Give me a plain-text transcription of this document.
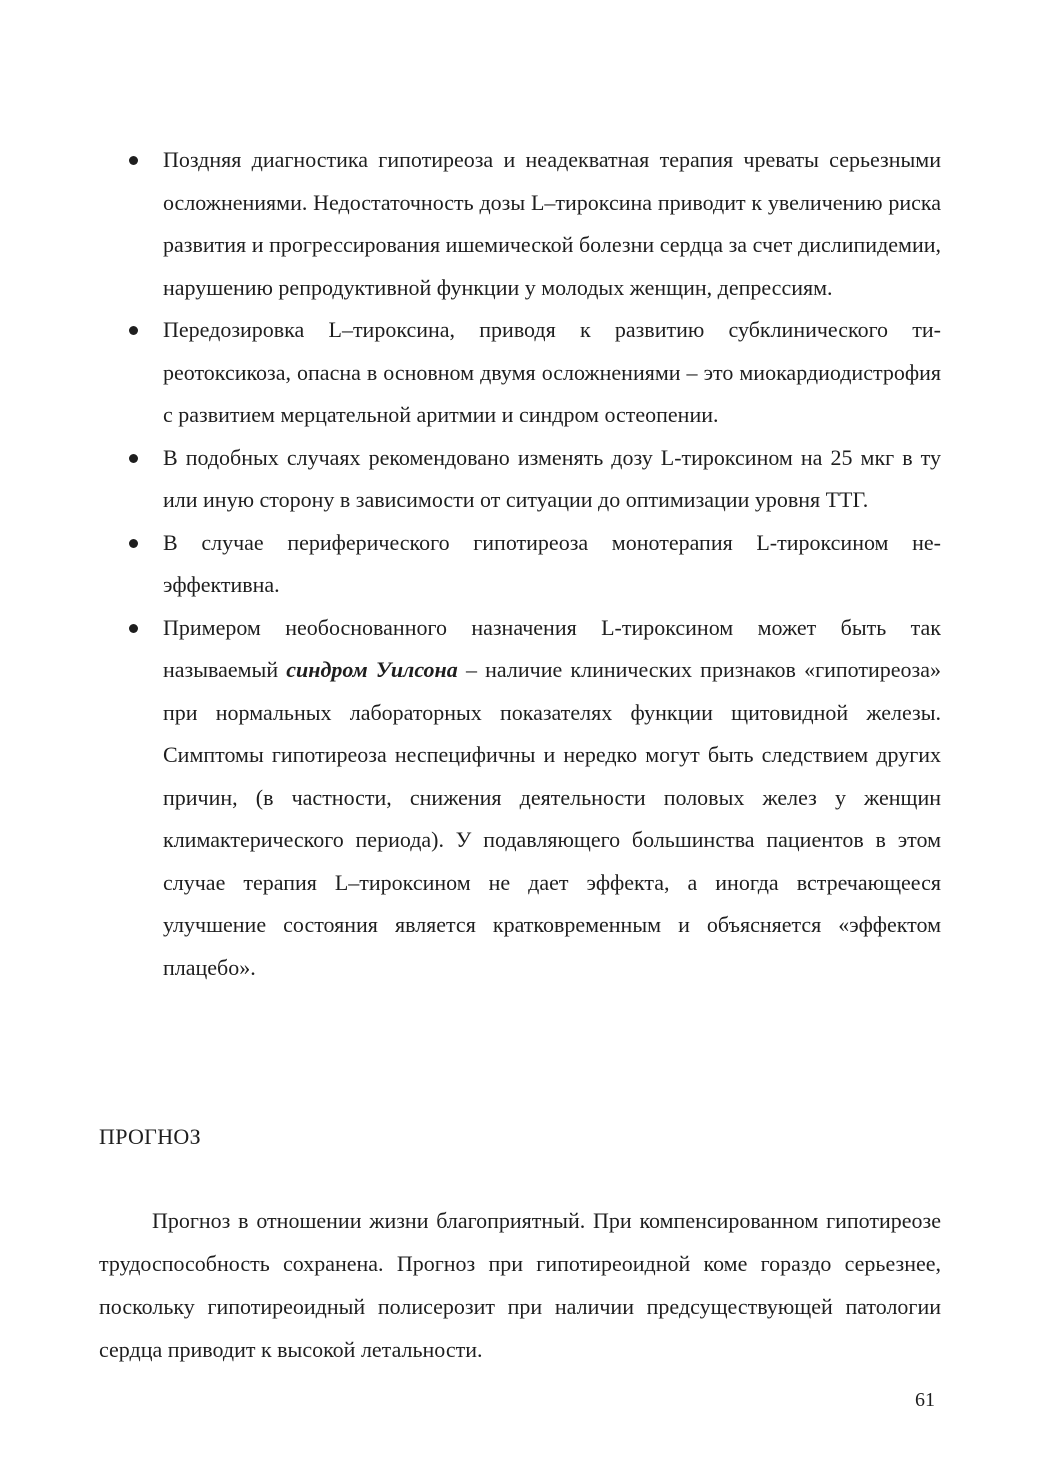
Поздняя диагностика гипотиреоза и неадекватная терапия чреваты серьезными осложнениями. Недостаточность дозы L–тироксина приводит к увеличению риска развития и прогрессирования ишемической болезни сердца за счет дислипидемии, нарушению репродуктивной функции у молодых женщин, депрессиям.
Передозировка L–тироксина, приводя к развитию субклинического тиреотоксикоза, опасна в основном двумя осложнениями – это миокардиодистрофия с развитием мерцательной аритмии и синдром остеопении.
В подобных случаях рекомендовано изменять дозу L-тироксином на 25 мкг в ту или иную сторону в зависимости от ситуации до оптимизации уровня ТТГ.
В случае периферического гипотиреоза монотерапия L-тироксином неэффективна.
Примером необоснованного назначения L-тироксином может быть так называемый синдром Уилсона – наличие клинических признаков «гипотиреоза» при нормальных лабораторных показателях функции щитовидной железы. Симптомы гипотиреоза неспецифичны и нередко могут быть следствием других причин, (в частности, снижения деятельности половых желез у женщин климактерического периода). У подавляющего большинства пациентов в этом случае терапия L–тироксином не дает эффекта, а иногда встречающееся улучшение состояния является кратковременным и объясняется «эффектом плацебо».
ПРОГНОЗ

Прогноз в отношении жизни благоприятный. При компенсированном гипотиреозе трудоспособность сохранена. Прогноз при гипотиреоидной коме гораздо серьезнее, поскольку гипотиреоидный полисерозит при наличии предсуществующей патологии сердца приводит к высокой летальности.

61
